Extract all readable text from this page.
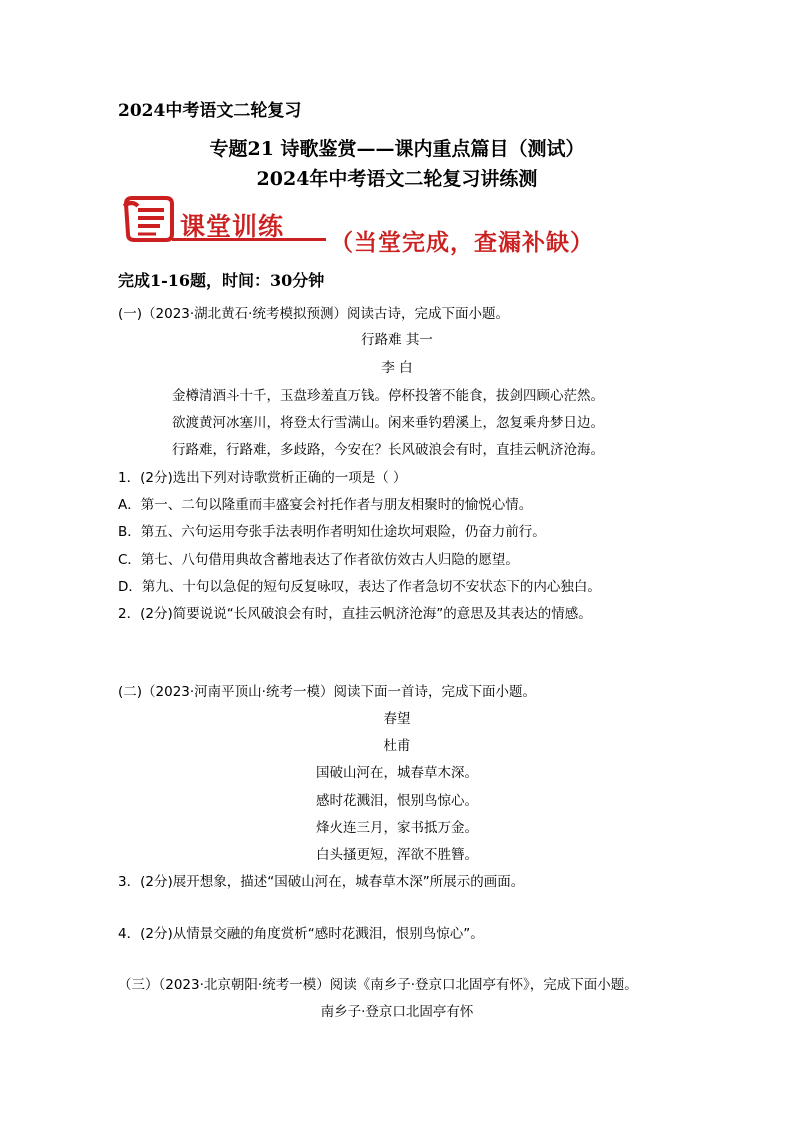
2024中考语文二轮复习
专题21 诗歌鉴赏——课内重点篇目（测试）
2024年中考语文二轮复习讲练测
课堂训练
（当堂完成，查漏补缺）
完成1-16题，时间：30分钟
(一)（2023·湖北黄石·统考模拟预测）阅读古诗，完成下面小题。
行路难 其一
李 白
金樽清酒斗十千，玉盘珍羞直万钱。停杯投箸不能食，拔剑四顾心茫然。
欲渡黄河冰塞川，将登太行雪满山。闲来垂钓碧溪上，忽复乘舟梦日边。
行路难，行路难，多歧路，今安在？长风破浪会有时，直挂云帆济沧海。
1．(2分)选出下列对诗歌赏析正确的一项是（ ）
A．第一、二句以隆重而丰盛宴会衬托作者与朋友相聚时的愉悦心情。
B．第五、六句运用夸张手法表明作者明知仕途坎坷艰险，仍奋力前行。
C．第七、八句借用典故含蓄地表达了作者欲仿效古人归隐的愿望。
D．第九、十句以急促的短句反复咏叹，表达了作者急切不安状态下的内心独白。
2．(2分)简要说说“长风破浪会有时，直挂云帆济沧海”的意思及其表达的情感。
(二)（2023·河南平顶山·统考一模）阅读下面一首诗，完成下面小题。
春望
杜甫
国破山河在，城春草木深。
感时花溅泪，恨别鸟惊心。
烽火连三月，家书抵万金。
白头搔更短，浑欲不胜簪。
3．(2分)展开想象，描述“国破山河在，城春草木深”所展示的画面。
4．(2分)从情景交融的角度赏析“感时花溅泪，恨别鸟惊心”。
（三）（2023·北京朝阳·统考一模）阅读《南乡子·登京口北固亭有怀》，完成下面小题。
南乡子·登京口北固亭有怀
